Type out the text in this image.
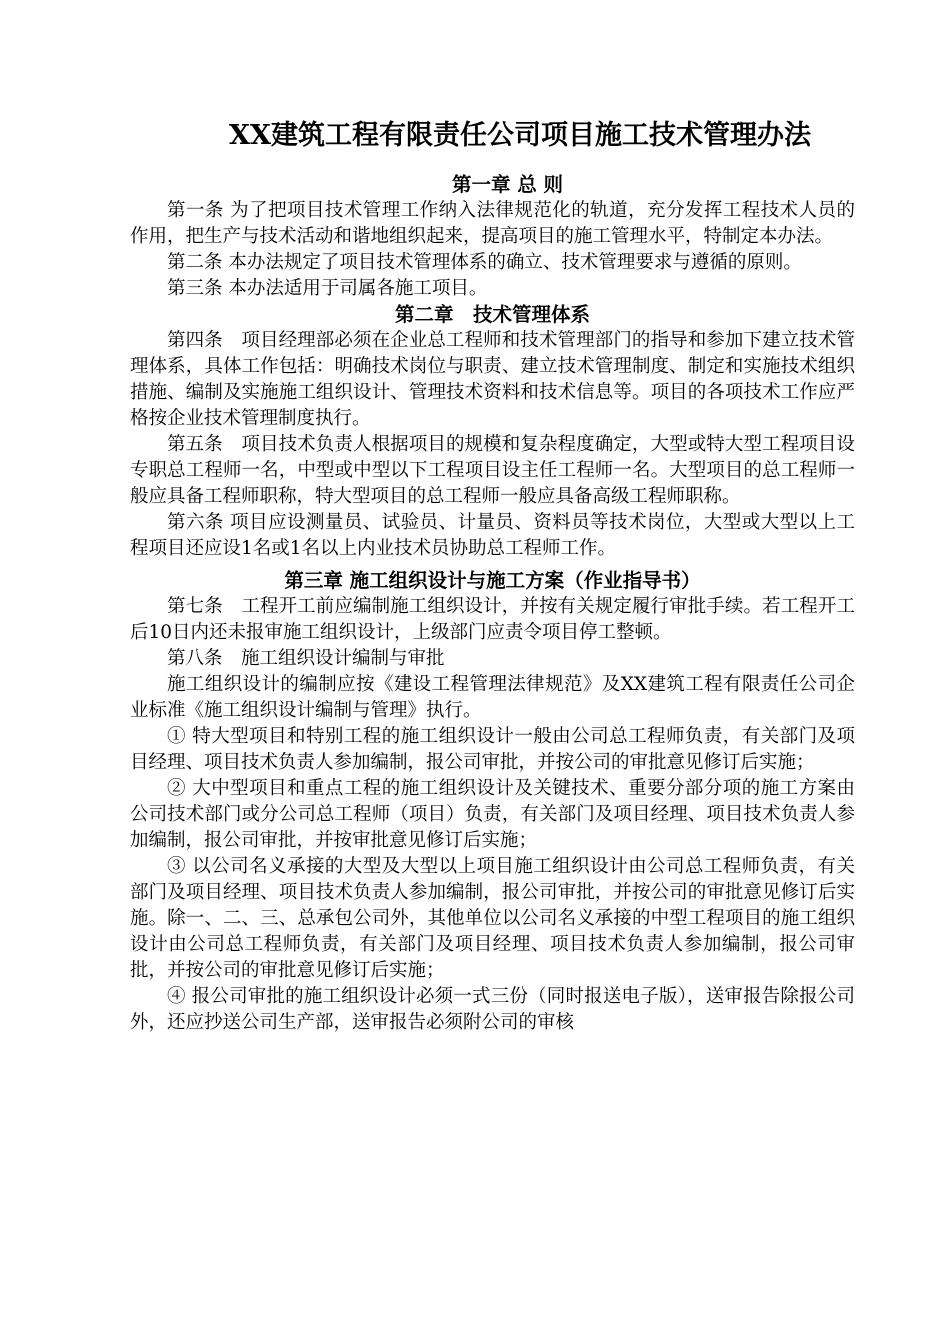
XX建筑工程有限责任公司项目施工技术管理办法

第一章 总 则

第一条 为了把项目技术管理工作纳入法律规范化的轨道，充分发挥工程技术人员的作用，把生产与技术活动和谐地组织起来，提高项目的施工管理水平，特制定本办法。

第二条 本办法规定了项目技术管理体系的确立、技术管理要求与遵循的原则。

第三条 本办法适用于司属各施工项目。

第二章　技术管理体系

第四条　项目经理部必须在企业总工程师和技术管理部门的指导和参加下建立技术管理体系，具体工作包括：明确技术岗位与职责、建立技术管理制度、制定和实施技术组织措施、编制及实施施工组织设计、管理技术资料和技术信息等。项目的各项技术工作应严格按企业技术管理制度执行。

第五条　项目技术负责人根据项目的规模和复杂程度确定，大型或特大型工程项目设专职总工程师一名，中型或中型以下工程项目设主任工程师一名。大型项目的总工程师一般应具备工程师职称，特大型项目的总工程师一般应具备高级工程师职称。

第六条 项目应设测量员、试验员、计量员、资料员等技术岗位，大型或大型以上工程项目还应设1名或1名以上内业技术员协助总工程师工作。

第三章 施工组织设计与施工方案（作业指导书）

第七条　工程开工前应编制施工组织设计，并按有关规定履行审批手续。若工程开工后10日内还未报审施工组织设计，上级部门应责令项目停工整顿。

第八条　施工组织设计编制与审批

施工组织设计的编制应按《建设工程管理法律规范》及XX建筑工程有限责任公司企业标准《施工组织设计编制与管理》执行。

① 特大型项目和特别工程的施工组织设计一般由公司总工程师负责，有关部门及项目经理、项目技术负责人参加编制，报公司审批，并按公司的审批意见修订后实施；

② 大中型项目和重点工程的施工组织设计及关键技术、重要分部分项的施工方案由公司技术部门或分公司总工程师（项目）负责，有关部门及项目经理、项目技术负责人参加编制，报公司审批，并按审批意见修订后实施；

③ 以公司名义承接的大型及大型以上项目施工组织设计由公司总工程师负责，有关部门及项目经理、项目技术负责人参加编制，报公司审批，并按公司的审批意见修订后实施。除一、二、三、总承包公司外，其他单位以公司名义承接的中型工程项目的施工组织设计由公司总工程师负责，有关部门及项目经理、项目技术负责人参加编制，报公司审批，并按公司的审批意见修订后实施；

④ 报公司审批的施工组织设计必须一式三份（同时报送电子版），送审报告除报公司外，还应抄送公司生产部，送审报告必须附公司的审核
